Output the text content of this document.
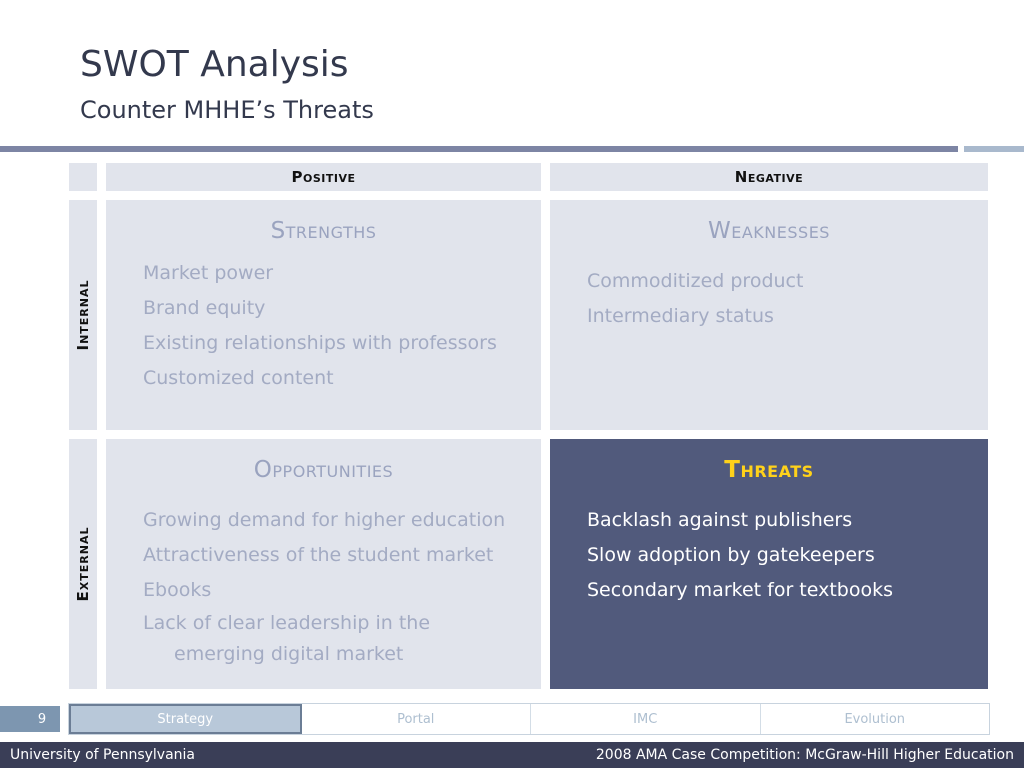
SWOT Analysis
Counter MHHE’s Threats
Positive	Negative
Internal
Strengths
Market power
Brand equity
Existing relationships with professors
Customized content
Weaknesses
Commoditized product
Intermediary status
External
Opportunities
Growing demand for higher education
Attractiveness of the student market
Ebooks
Lack of clear leadership in the emerging digital market
Threats
Backlash against publishers
Slow adoption by gatekeepers
Secondary market for textbooks
9	Strategy	Portal	IMC	Evolution
University of Pennsylvania	2008 AMA Case Competition: McGraw-Hill Higher Education
